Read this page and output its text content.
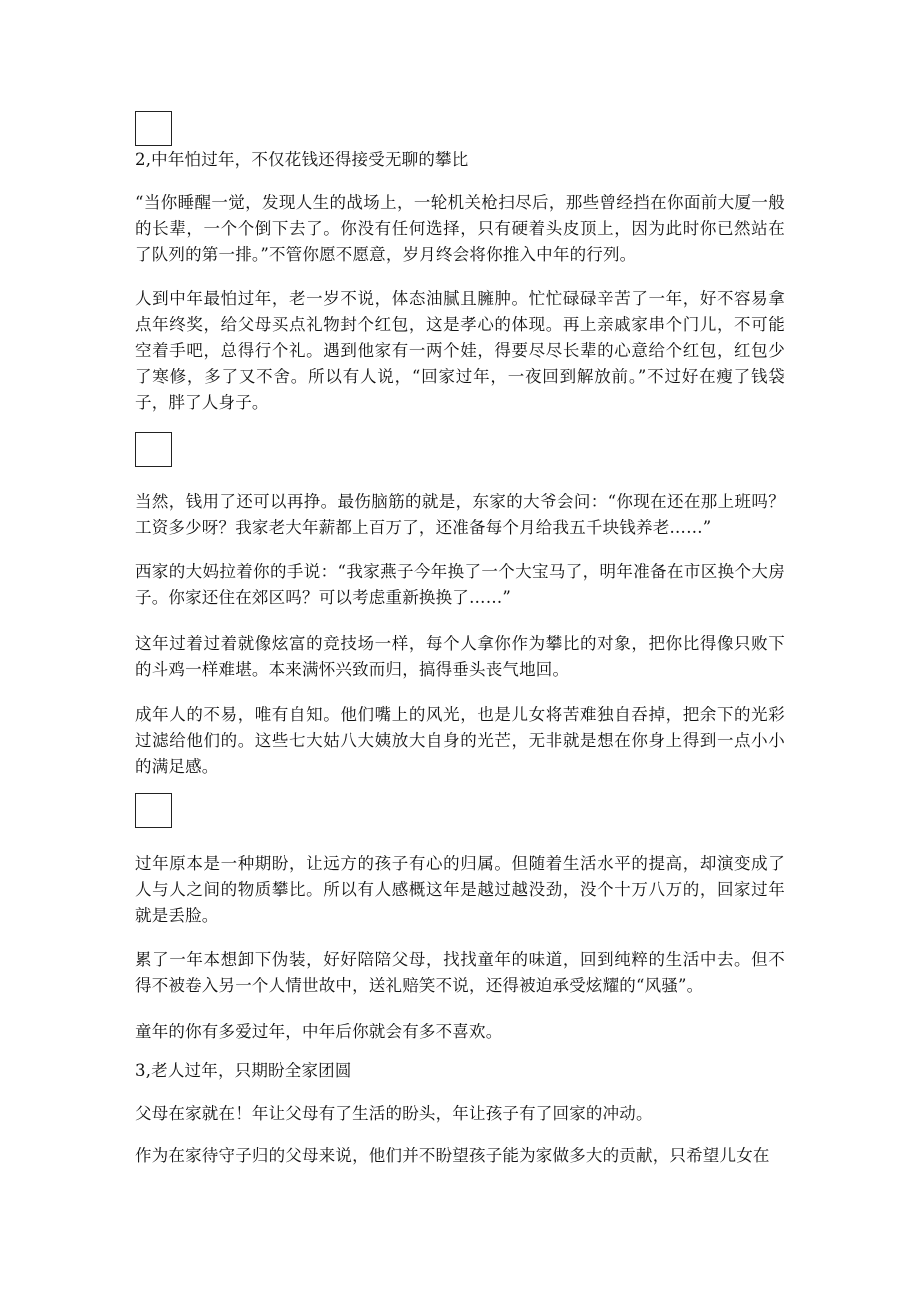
2,中年怕过年，不仅花钱还得接受无聊的攀比

“当你睡醒一觉，发现人生的战场上，一轮机关枪扫尽后，那些曾经挡在你面前大厦一般的长辈，一个个倒下去了。你没有任何选择，只有硬着头皮顶上，因为此时你已然站在了队列的第一排。”不管你愿不愿意，岁月终会将你推入中年的行列。

人到中年最怕过年，老一岁不说，体态油腻且臃肿。忙忙碌碌辛苦了一年，好不容易拿点年终奖，给父母买点礼物封个红包，这是孝心的体现。再上亲戚家串个门儿，不可能空着手吧，总得行个礼。遇到他家有一两个娃，得要尽尽长辈的心意给个红包，红包少了寒修，多了又不舍。所以有人说，“回家过年，一夜回到解放前。”不过好在瘦了钱袋子，胖了人身子。

当然，钱用了还可以再挣。最伤脑筋的就是，东家的大爷会问：“你现在还在那上班吗？工资多少呀？我家老大年薪都上百万了，还准备每个月给我五千块钱养老……”

西家的大妈拉着你的手说：“我家燕子今年换了一个大宝马了，明年准备在市区换个大房子。你家还住在郊区吗？可以考虑重新换换了……”

这年过着过着就像炫富的竞技场一样，每个人拿你作为攀比的对象，把你比得像只败下的斗鸡一样难堪。本来满怀兴致而归，搞得垂头丧气地回。

成年人的不易，唯有自知。他们嘴上的风光，也是儿女将苦难独自吞掉，把余下的光彩过滤给他们的。这些七大姑八大姨放大自身的光芒，无非就是想在你身上得到一点小小的满足感。

过年原本是一种期盼，让远方的孩子有心的归属。但随着生活水平的提高，却演变成了人与人之间的物质攀比。所以有人感概这年是越过越没劲，没个十万八万的，回家过年就是丢脸。

累了一年本想卸下伪装，好好陪陪父母，找找童年的味道，回到纯粹的生活中去。但不得不被卷入另一个人情世故中，送礼赔笑不说，还得被迫承受炫耀的“风骚”。

童年的你有多爱过年，中年后你就会有多不喜欢。

3,老人过年，只期盼全家团圆

父母在家就在！年让父母有了生活的盼头，年让孩子有了回家的冲动。

作为在家待守子归的父母来说，他们并不盼望孩子能为家做多大的贡献，只希望儿女在
